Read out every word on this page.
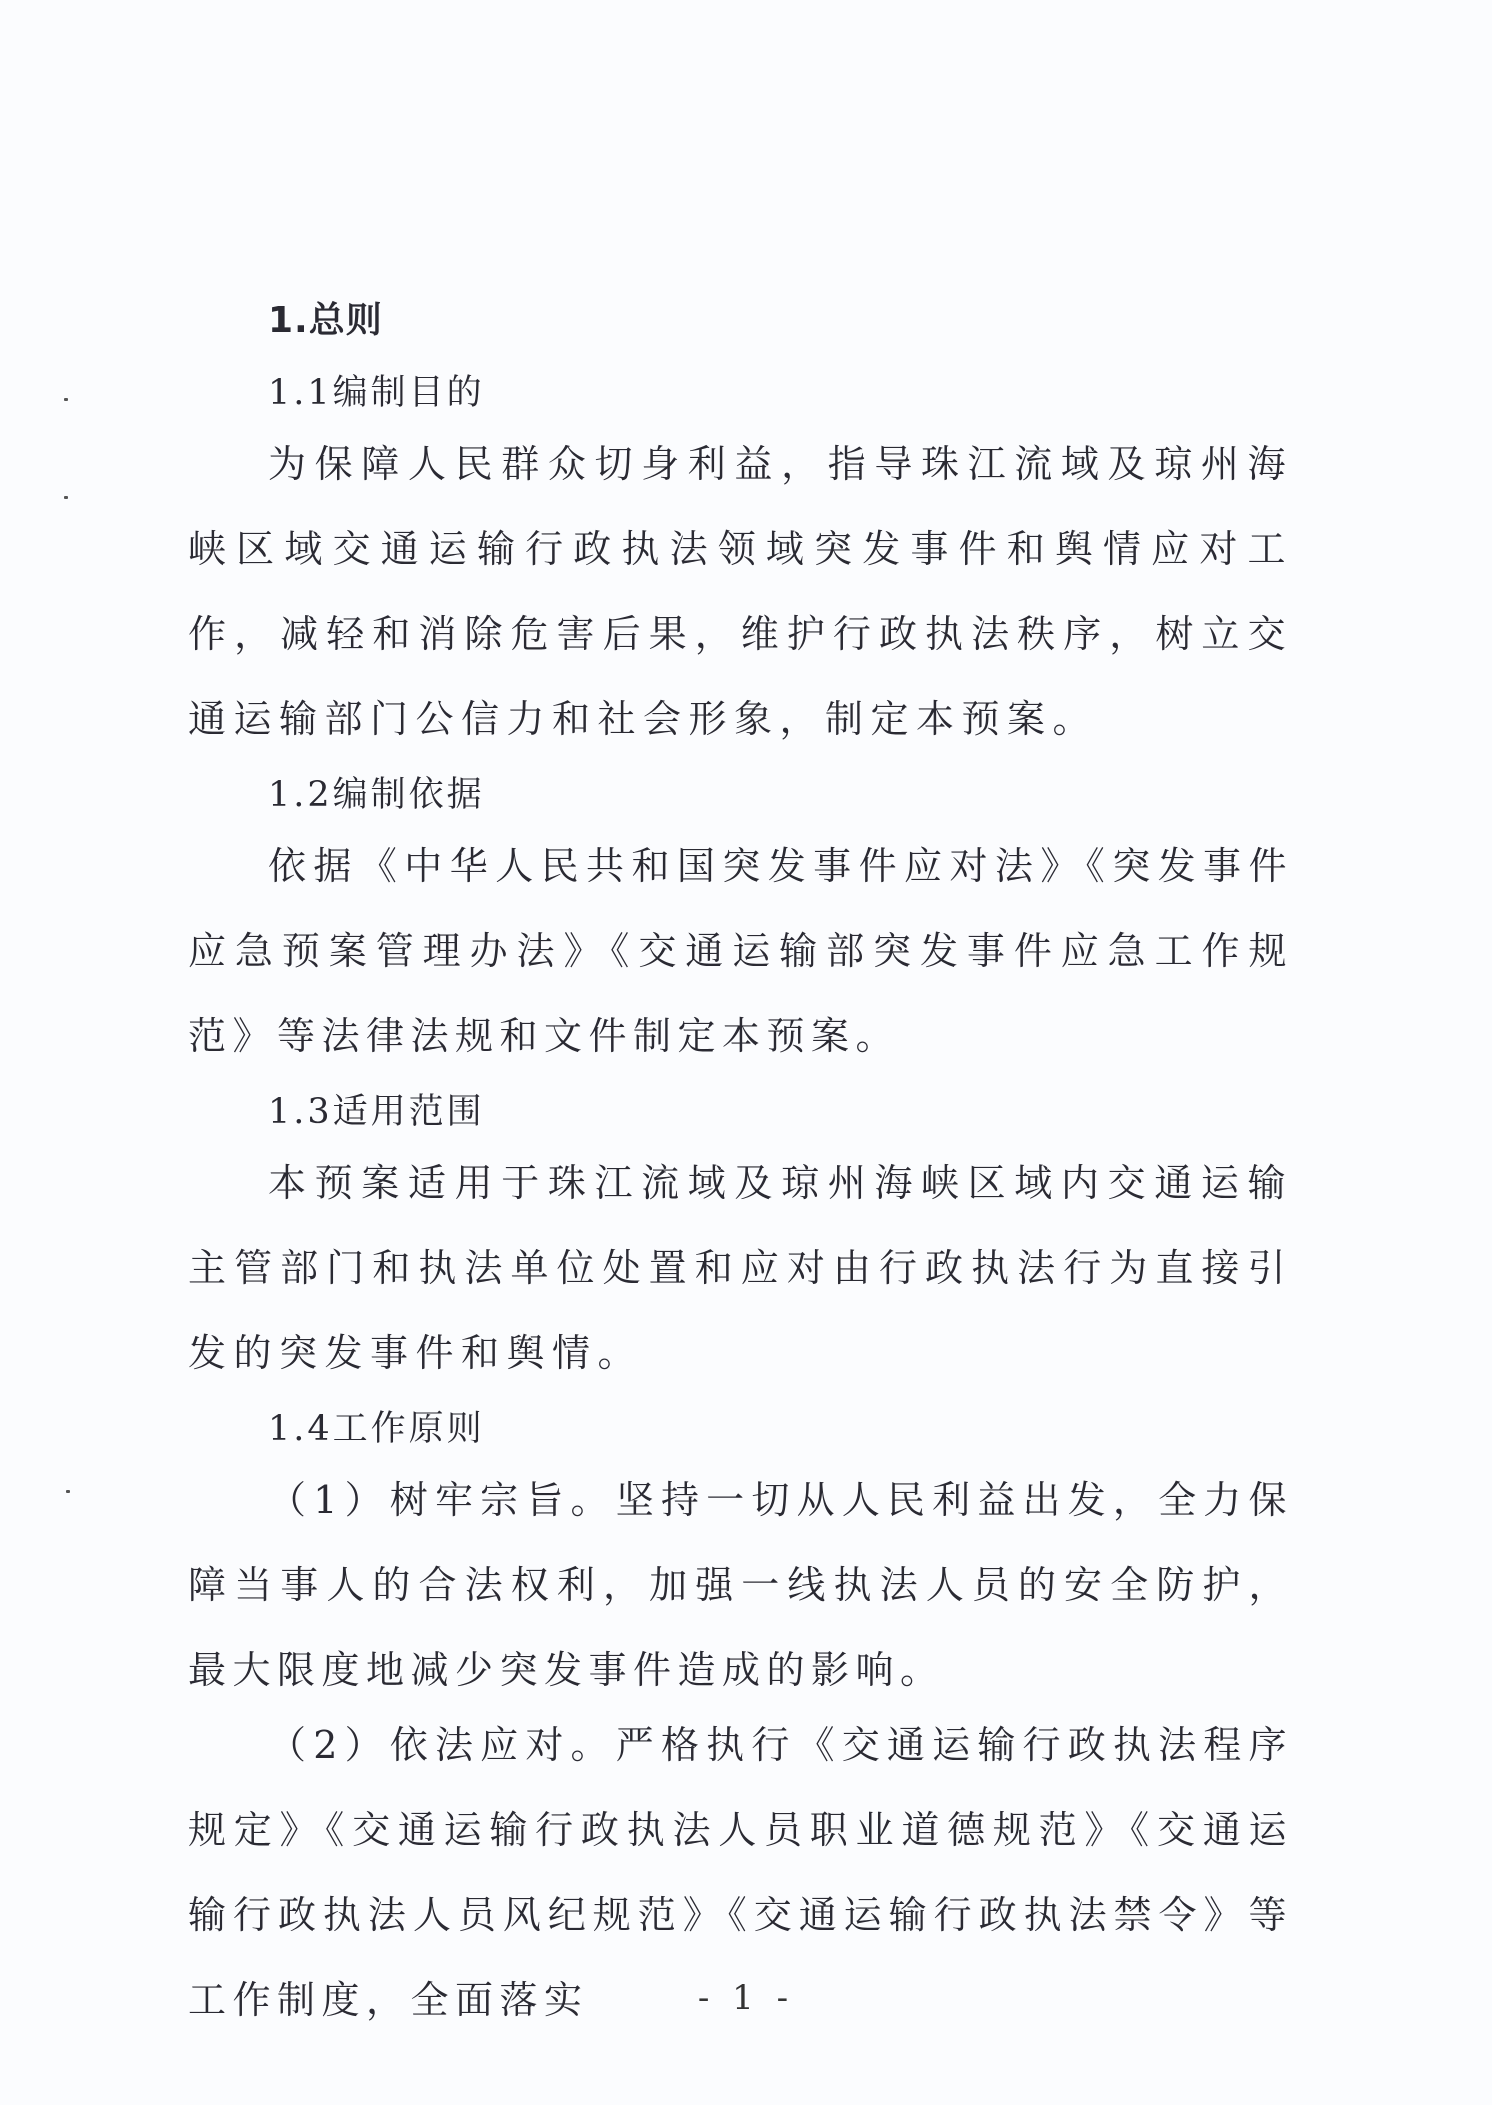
1.总则
1.1编制目的

为保障人民群众切身利益，指导珠江流域及琼州海峡区域交通运输行政执法领域突发事件和舆情应对工作，减轻和消除危害后果，维护行政执法秩序，树立交通运输部门公信力和社会形象，制定本预案。

1.2编制依据

依据《中华人民共和国突发事件应对法》《突发事件应急预案管理办法》《交通运输部突发事件应急工作规范》等法律法规和文件制定本预案。

1.3适用范围

本预案适用于珠江流域及琼州海峡区域内交通运输主管部门和执法单位处置和应对由行政执法行为直接引发的突发事件和舆情。

1.4工作原则

（1）树牢宗旨。坚持一切从人民利益出发，全力保障当事人的合法权利，加强一线执法人员的安全防护，最大限度地减少突发事件造成的影响。

（2）依法应对。严格执行《交通运输行政执法程序规定》《交通运输行政执法人员职业道德规范》《交通运输行政执法人员风纪规范》《交通运输行政执法禁令》等工作制度，全面落实	- 1 -
